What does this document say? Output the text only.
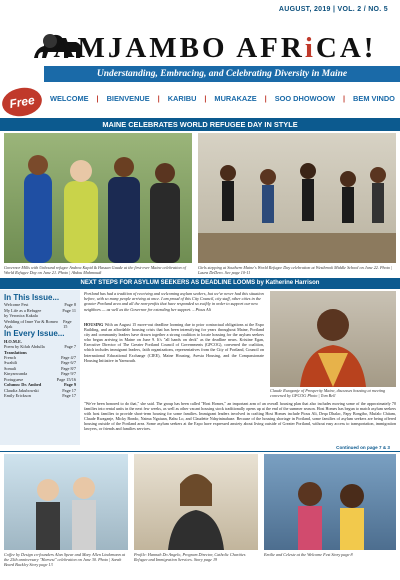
AUGUST, 2019 | VOL. 2 / NO. 5
AMJAMBO AFRiCA!
Understanding, Embracing, and Celebrating Diversity in Maine
Free	WELCOME | BIENVENUE | KARIBU | MURAKAZE | SOO DHOWOOW | BEM VINDO
MAINE CELEBRATES WORLD REFUGEE DAY IN STYLE
Governor Mills with Unbound refugee Andrea Kapid & Hassan Gaude at the first-ever Maine celebration of World Refugee Day on June 21. Photo | Abdou Mahmoudi
Girls stepping at Southern Maine's World Refugee Day celebration at Westbrook Middle School on June 22. Photo | Laura DeDero. See page 10-11
NEXT STEPS FOR ASYLUM SEEKERS AS DEADLINE LOOMS by Katherine Harrison
In This Issue...
Welcome Fest	Page 8
My Life as a Refugee	Page 11
by Veronica Kakala
Wedding of Imre Yar & Romeo Ajak
Page 15
In Every Issue...
H.O.M.E.
Poem by Kifah Abdulla	Page 7
Translations
French	Page 4/7
Swahili	Page 6/7
Somali	Page 8/7
Kinyarwanda	Page 9/7
Portuguese	Page 15/16
Column: Dr. Ambed	Page 9
Claudia Jakubowski	Page 17
Emily Erickson	Page 17
Portland has had a tradition of receiving and welcoming asylum seekers, but we've never had this situation before, with so many people arriving at once. I am proud of this City Council, city staff, other cities in the greater Portland area and all the non-profits that have responded so swiftly in order to support our new neighbors — as well as the Governor for extending her support. – Pious Ali
HOUSING With an August 15 move-out deadline looming due to prior contractual obligations at the Expo Building, and an affordable housing crisis that has been intensifying for years throughout Maine, Portland city and community leaders have drawn together a strong coalition to locate housing for the asylum seekers who began arriving in Maine on June 9. It's "all hands on deck" as the deadline nears. Kristine Egan, Executive Director of The Greater Portland Council of Governments (GPCOG), convened the coalition, which includes immigrant leaders, faith organizations, representatives from the City of Portland, Council on International Educational Exchange (CIEE), Maine Housing, Avesta Housing, and the Compassionate Housing Initiative in Yarmouth.
Claude Rwaganje of Prosperity Maine, discusses housing at meeting convened by GPCOG Photo | Tom Bell
"We've been honored to do that," she said. The group has been called "Host Homes," an important arm of an overall housing plan that also includes moving some of the approximately 70 families into rental units in the next few weeks, as well as other vacant housing stock traditionally opens up at the end of the summer season. Host Homes has begun to match asylum seekers with host families to provide short-term housing for some families. Immigrant leaders involved in crafting Host Homes include Pious Ali, Deqa Dhalac, Papy Bongibo, Mufalo Chitam, Claude Rwaganje, Micky Bondo, Naima Ngaiuan, Babu Lo, and Claudette Ndayininahaze. Because of the housing shortage in Portland, some families of asylum seekers are being offered housing outside of the Portland area. Some asylum seekers at the Expo have expressed anxiety about living outside of Greater Portland, without easy access to transportation, immigration lawyers, or friends and families services.
Continued on page 7 & 3
Coffee by Design co-founders Alan Spear and Mary Allen Lindemann at the 25th anniversary "Harvest" celebration on June 30. Photo | Sarah Beard Buckley Story page 13
Profile: Hannah Do Angelo, Program Director, Catholic Charities Refugee and Immigration Services. Story page 19
Emilie and Celeste at the Welcome Fest Story page 8
